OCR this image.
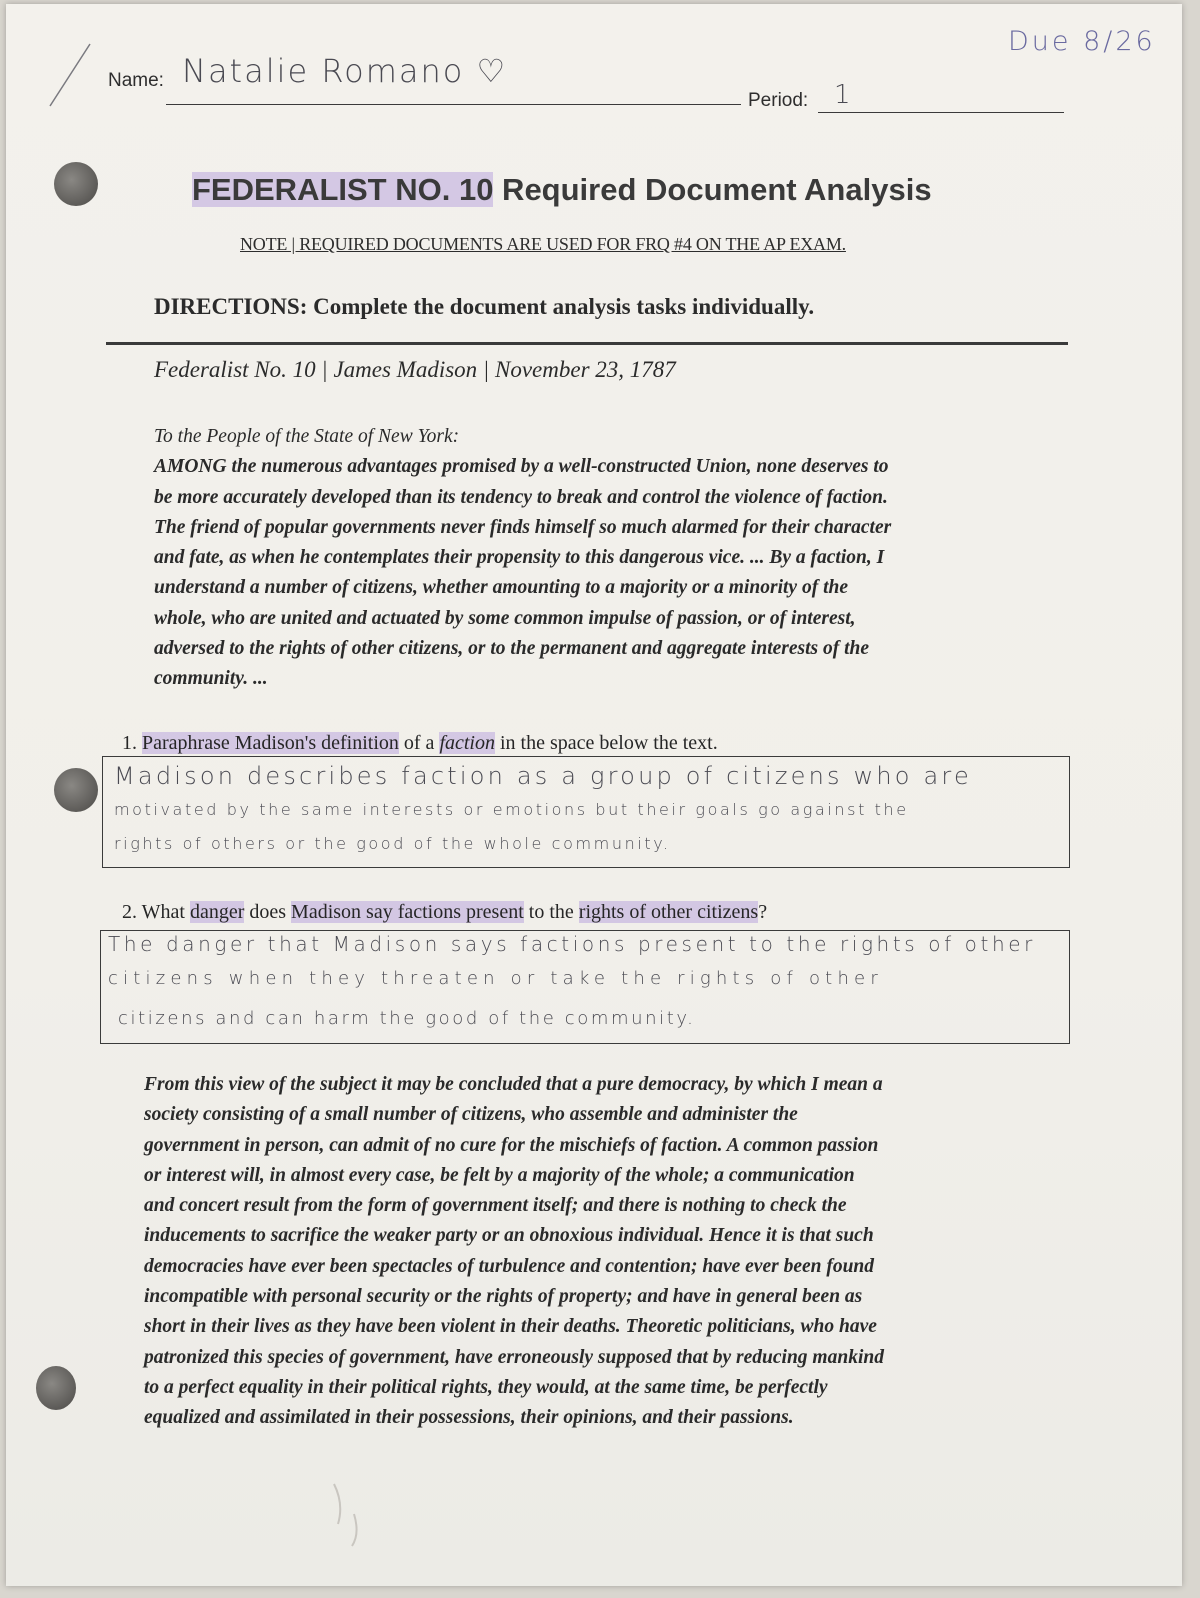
Due 8/26
Name: Natalie Romano ♡
Period: 1
FEDERALIST NO. 10 Required Document Analysis
NOTE | REQUIRED DOCUMENTS ARE USED FOR FRQ #4 ON THE AP EXAM.
DIRECTIONS: Complete the document analysis tasks individually.
Federalist No. 10 | James Madison | November 23, 1787

To the People of the State of New York:

AMONG the numerous advantages promised by a well-constructed Union, none deserves to

be more accurately developed than its tendency to break and control the violence of faction.

The friend of popular governments never finds himself so much alarmed for their character

and fate, as when he contemplates their propensity to this dangerous vice. ... By a faction, I

understand a number of citizens, whether amounting to a majority or a minority of the

whole, who are united and actuated by some common impulse of passion, or of interest,

adversed to the rights of other citizens, or to the permanent and aggregate interests of the

community. ...

1. Paraphrase Madison's definition of a faction in the space below the text.
Madison describes faction as a group of citizens who are
motivated by the same interests or emotions but their goals go against the
rights of others or the good of the whole community.
2. What danger does Madison say factions present to the rights of other citizens?
The danger that Madison says factions present to the rights of other
citizens when they threaten or take the rights of other
citizens and can harm the good of the community.

From this view of the subject it may be concluded that a pure democracy, by which I mean a

society consisting of a small number of citizens, who assemble and administer the

government in person, can admit of no cure for the mischiefs of faction. A common passion

or interest will, in almost every case, be felt by a majority of the whole; a communication

and concert result from the form of government itself; and there is nothing to check the

inducements to sacrifice the weaker party or an obnoxious individual. Hence it is that such

democracies have ever been spectacles of turbulence and contention; have ever been found

incompatible with personal security or the rights of property; and have in general been as

short in their lives as they have been violent in their deaths. Theoretic politicians, who have

patronized this species of government, have erroneously supposed that by reducing mankind

to a perfect equality in their political rights, they would, at the same time, be perfectly

equalized and assimilated in their possessions, their opinions, and their passions.
